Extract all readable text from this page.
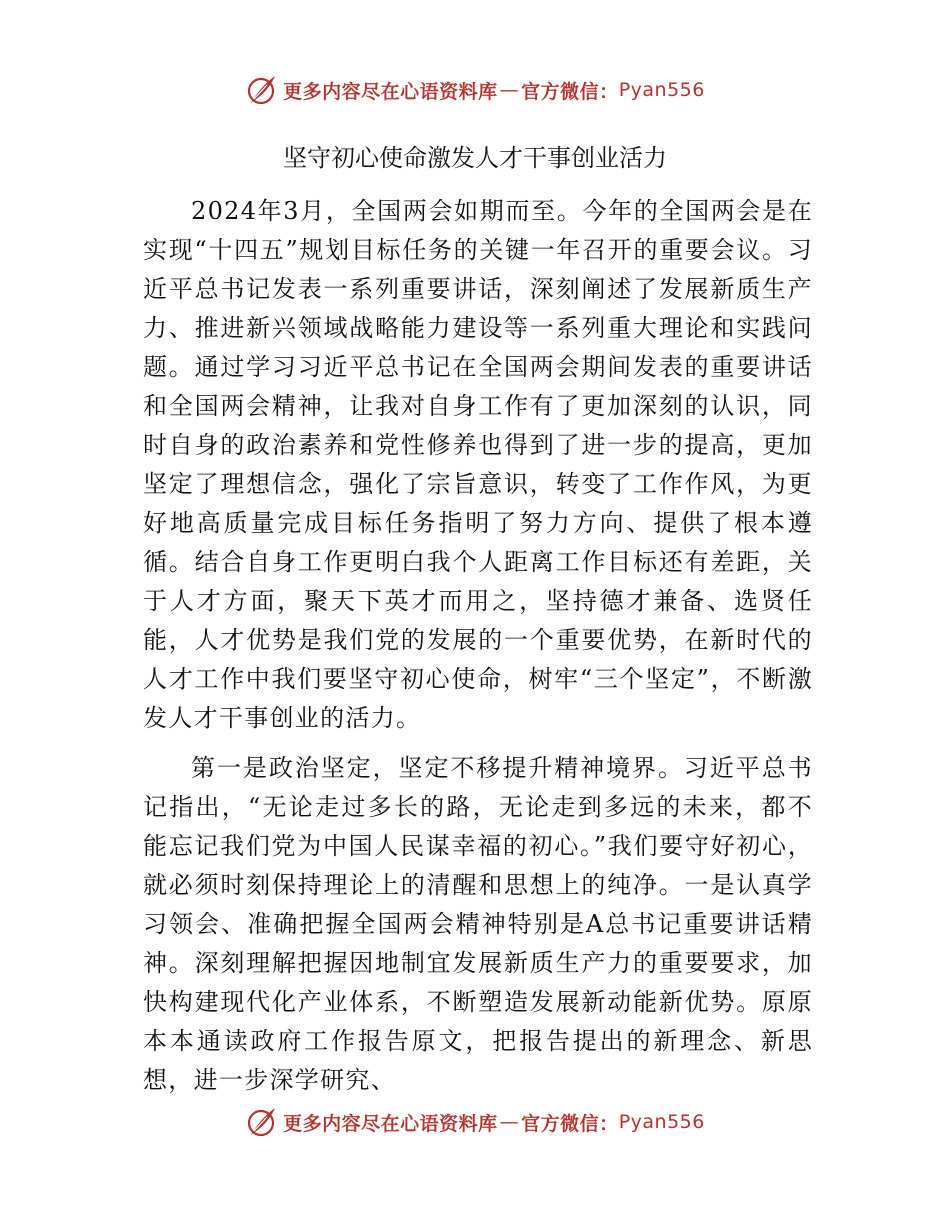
更多内容尽在心语资料库 — 官方微信： Pyan556
坚守初心使命激发人才干事创业活力

2024年3月，全国两会如期而至。今年的全国两会是在实现“十四五”规划目标任务的关键一年召开的重要会议。习近平总书记发表一系列重要讲话，深刻阐述了发展新质生产力、推进新兴领域战略能力建设等一系列重大理论和实践问题。通过学习习近平总书记在全国两会期间发表的重要讲话和全国两会精神，让我对自身工作有了更加深刻的认识，同时自身的政治素养和党性修养也得到了进一步的提高，更加坚定了理想信念，强化了宗旨意识，转变了工作作风，为更好地高质量完成目标任务指明了努力方向、提供了根本遵循。结合自身工作更明白我个人距离工作目标还有差距，关于人才方面，聚天下英才而用之，坚持德才兼备、选贤任能，人才优势是我们党的发展的一个重要优势，在新时代的人才工作中我们要坚守初心使命，树牢“三个坚定”，不断激发人才干事创业的活力。

第一是政治坚定，坚定不移提升精神境界。习近平总书记指出，“无论走过多长的路，无论走到多远的未来，都不能忘记我们党为中国人民谋幸福的初心。”我们要守好初心，就必须时刻保持理论上的清醒和思想上的纯净。一是认真学习领会、准确把握全国两会精神特别是A总书记重要讲话精神。深刻理解把握因地制宜发展新质生产力的重要要求，加快构建现代化产业体系，不断塑造发展新动能新优势。原原本本通读政府工作报告原文，把报告提出的新理念、新思想，进一步深学研究、

更多内容尽在心语资料库 — 官方微信： Pyan556
